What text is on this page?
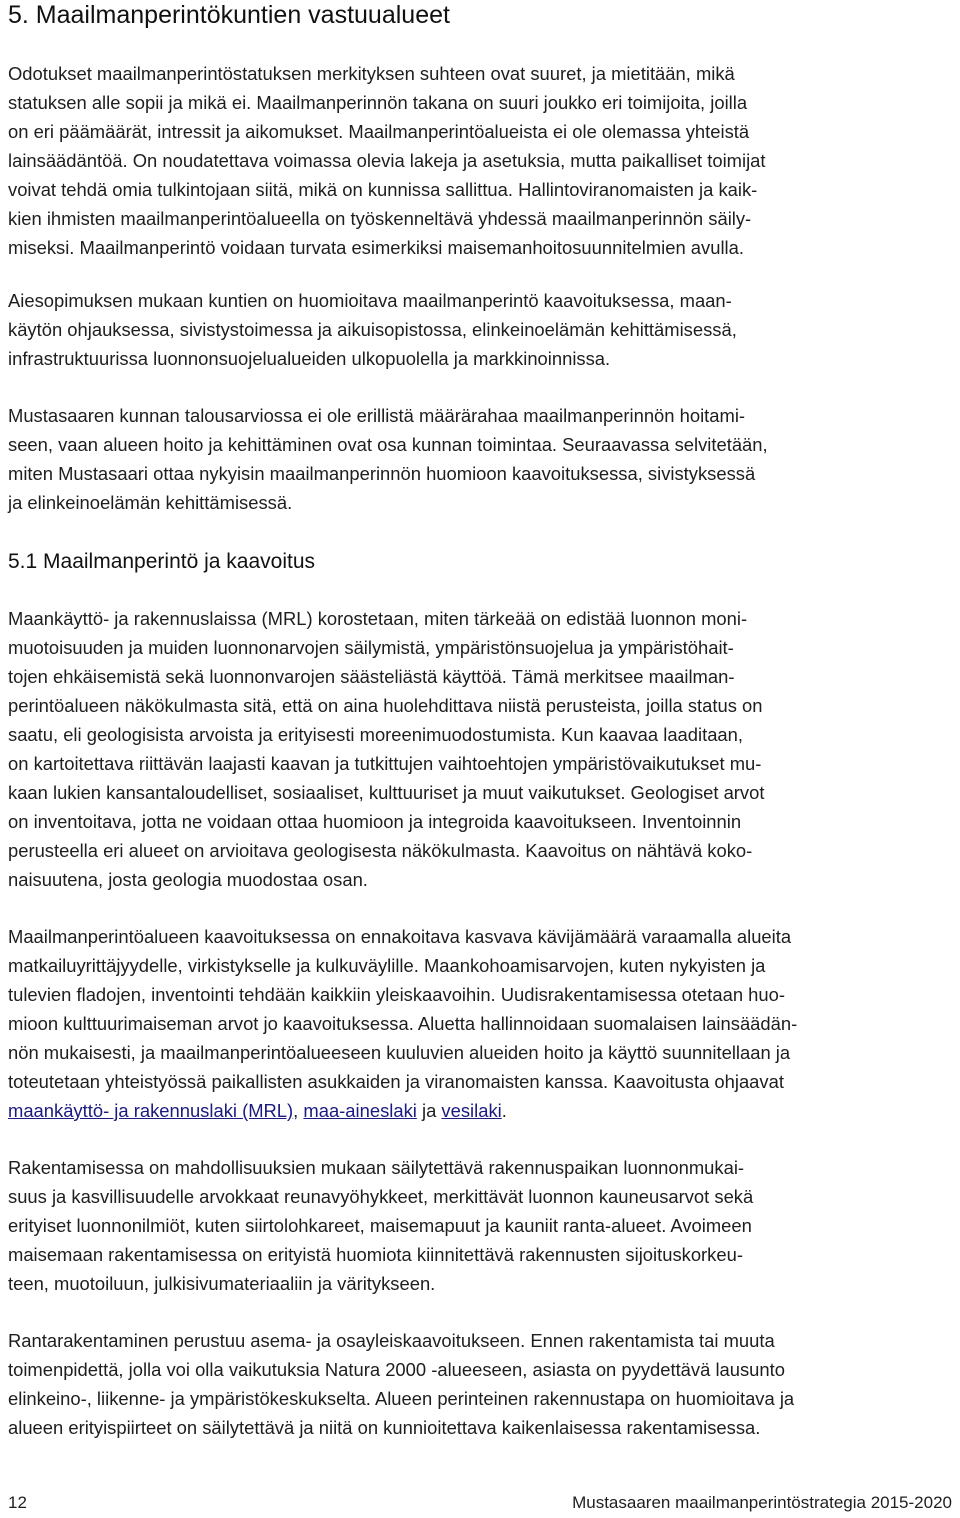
5. Maailmanperintökuntien vastuualueet

Odotukset maailmanperintöstatuksen merkityksen suhteen ovat suuret, ja mietitään, mikä
statuksen alle sopii ja mikä ei. Maailmanperinnön takana on suuri joukko eri toimijoita, joilla
on eri päämäärät, intressit ja aikomukset. Maailmanperintöalueista ei ole olemassa yhteistä
lainsäädäntöä. On noudatettava voimassa olevia lakeja ja asetuksia, mutta paikalliset toimijat
voivat tehdä omia tulkintojaan siitä, mikä on kunnissa sallittua. Hallintoviranomaisten ja kaik-
kien ihmisten maailmanperintöalueella on työskenneltävä yhdessä maailmanperinnön säily-
miseksi. Maailmanperintö voidaan turvata esimerkiksi maisemanhoitosuunnitelmien avulla.

Aiesopimuksen mukaan kuntien on huomioitava maailmanperintö kaavoituksessa, maan-
käytön ohjauksessa, sivistystoimessa ja aikuisopistossa, elinkeinoelämän kehittämisessä,
infrastruktuurissa luonnonsuojelualueiden ulkopuolella ja markkinoinnissa.

Mustasaaren kunnan talousarviossa ei ole erillistä määrärahaa maailmanperinnön hoitami-
seen, vaan alueen hoito ja kehittäminen ovat osa kunnan toimintaa. Seuraavassa selvitetään,
miten Mustasaari ottaa nykyisin maailmanperinnön huomioon kaavoituksessa, sivistyksessä
ja elinkeinoelämän kehittämisessä.

5.1 Maailmanperintö ja kaavoitus

Maankäyttö- ja rakennuslaissa (MRL) korostetaan, miten tärkeää on edistää luonnon moni-
muotoisuuden ja muiden luonnonarvojen säilymistä, ympäristönsuojelua ja ympäristöhait-
tojen ehkäisemistä sekä luonnonvarojen säästeliästä käyttöä. Tämä merkitsee maailman-
perintöalueen näkökulmasta sitä, että on aina huolehdittava niistä perusteista, joilla status on
saatu, eli geologisista arvoista ja erityisesti moreenimuodostumista. Kun kaavaa laaditaan,
on kartoitettava riittävän laajasti kaavan ja tutkittujen vaihtoehtojen ympäristövaikutukset mu-
kaan lukien kansantaloudelliset, sosiaaliset, kulttuuriset ja muut vaikutukset. Geologiset arvot
on inventoitava, jotta ne voidaan ottaa huomioon ja integroida kaavoitukseen. Inventoinnin
perusteella eri alueet on arvioitava geologisesta näkökulmasta. Kaavoitus on nähtävä koko-
naisuutena, josta geologia muodostaa osan.

Maailmanperintöalueen kaavoituksessa on ennakoitava kasvava kävijämäärä varaamalla alueita
matkailuyrittäjyydelle, virkistykselle ja kulkuväylille. Maankohoamisarvojen, kuten nykyisten ja
tulevien fladojen, inventointi tehdään kaikkiin yleiskaavoihin. Uudisrakentamisessa otetaan huo-
mioon kulttuurimaiseman arvot jo kaavoituksessa. Aluetta hallinnoidaan suomalaisen lainsäädän-
nön mukaisesti, ja maailmanperintöalueeseen kuuluvien alueiden hoito ja käyttö suunnitellaan ja
toteutetaan yhteistyössä paikallisten asukkaiden ja viranomaisten kanssa. Kaavoitusta ohjaavat
maankäyttö- ja rakennuslaki (MRL), maa-aineslaki ja vesilaki.

Rakentamisessa on mahdollisuuksien mukaan säilytettävä rakennuspaikan luonnonmukai-
suus ja kasvillisuudelle arvokkaat reunavyöhykkeet, merkittävät luonnon kauneusarvot sekä
erityiset luonnonilmiöt, kuten siirtolohkareet, maisemapuut ja kauniit ranta-alueet. Avoimeen
maisemaan rakentamisessa on erityistä huomiota kiinnitettävä rakennusten sijoituskorkeu-
teen, muotoiluun, julkisivumateriaaliin ja väritykseen.

Rantarakentaminen perustuu asema- ja osayleiskaavoitukseen. Ennen rakentamista tai muuta
toimenpidettä, jolla voi olla vaikutuksia Natura 2000 -alueeseen, asiasta on pyydettävä lausunto
elinkeino-, liikenne- ja ympäristökeskukselta. Alueen perinteinen rakennustapa on huomioitava ja
alueen erityispiirteet on säilytettävä ja niitä on kunnioitettava kaikenlaisessa rakentamisessa.

12	Mustasaaren maailmanperintöstrategia 2015-2020
